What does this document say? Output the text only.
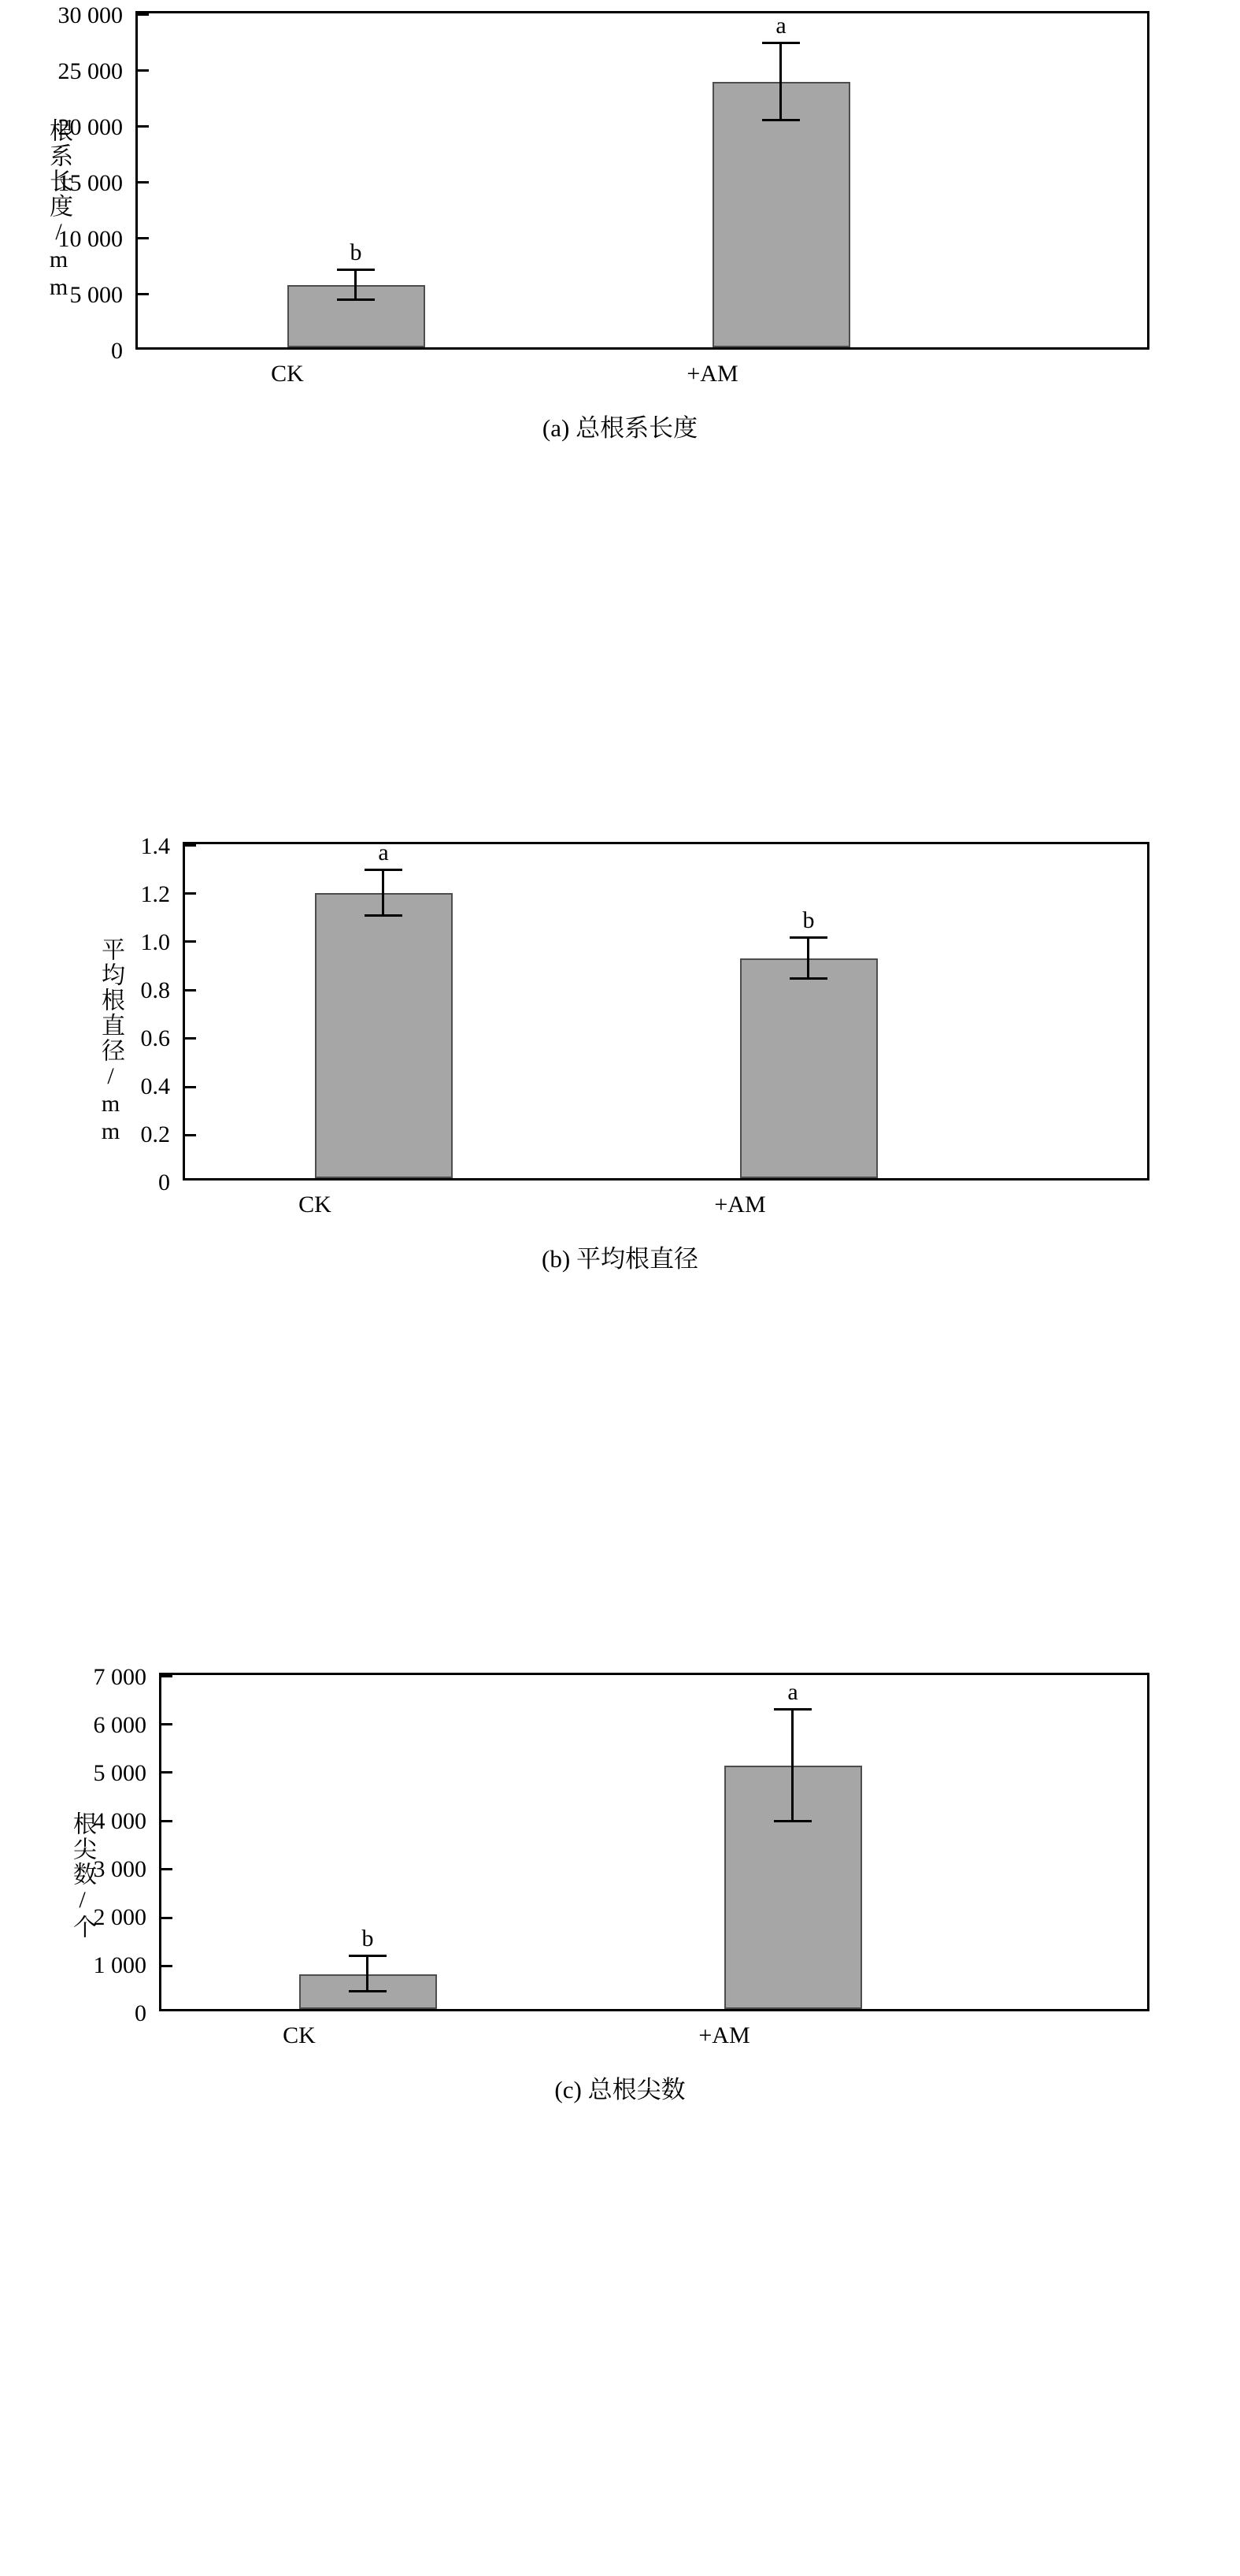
根系长度/mm
30 000
25 000
20 000
15 000
10 000
5 000
0
b
a
CK	+AM
(a) 总根系长度
平均根直径/mm
1.4
1.2
1.0
0.8
0.6
0.4
0.2
0
a
b
CK	+AM
(b) 平均根直径
根尖数/个
7 000
6 000
5 000
4 000
3 000
2 000
1 000
0
b
a
CK	+AM
(c) 总根尖数
